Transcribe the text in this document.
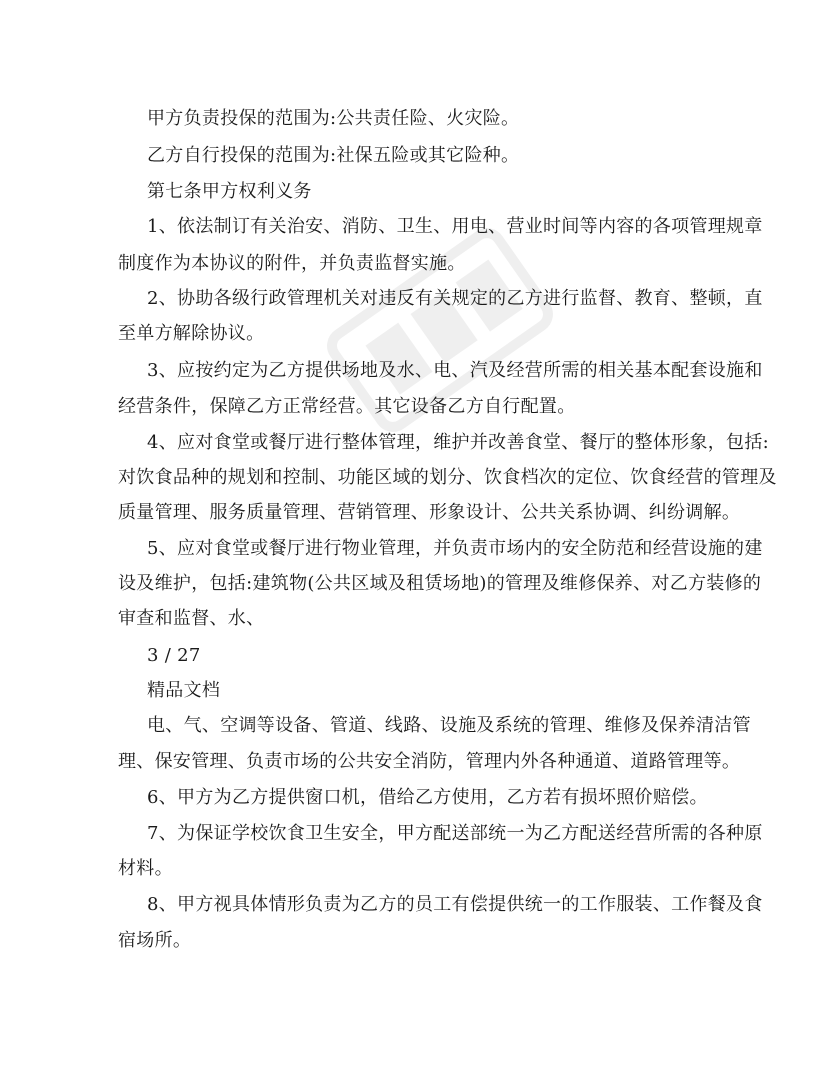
甲方负责投保的范围为:公共责任险、火灾险。
乙方自行投保的范围为:社保五险或其它险种。
第七条甲方权利义务
1、依法制订有关治安、消防、卫生、用电、营业时间等内容的各项管理规章
制度作为本协议的附件，并负责监督实施。
2、协助各级行政管理机关对违反有关规定的乙方进行监督、教育、整顿，直
至单方解除协议。
3、应按约定为乙方提供场地及水、电、汽及经营所需的相关基本配套设施和
经营条件，保障乙方正常经营。其它设备乙方自行配置。
4、应对食堂或餐厅进行整体管理，维护并改善食堂、餐厅的整体形象，包括:
对饮食品种的规划和控制、功能区域的划分、饮食档次的定位、饮食经营的管理及
质量管理、服务质量管理、营销管理、形象设计、公共关系协调、纠纷调解。
5、应对食堂或餐厅进行物业管理，并负责市场内的安全防范和经营设施的建
设及维护，包括:建筑物(公共区域及租赁场地)的管理及维修保养、对乙方装修的
审查和监督、水、
3 / 27
精品文档
电、气、空调等设备、管道、线路、设施及系统的管理、维修及保养清洁管
理、保安管理、负责市场的公共安全消防，管理内外各种通道、道路管理等。
6、甲方为乙方提供窗口机，借给乙方使用，乙方若有损坏照价赔偿。
7、为保证学校饮食卫生安全，甲方配送部统一为乙方配送经营所需的各种原
材料。
8、甲方视具体情形负责为乙方的员工有偿提供统一的工作服装、工作餐及食
宿场所。
